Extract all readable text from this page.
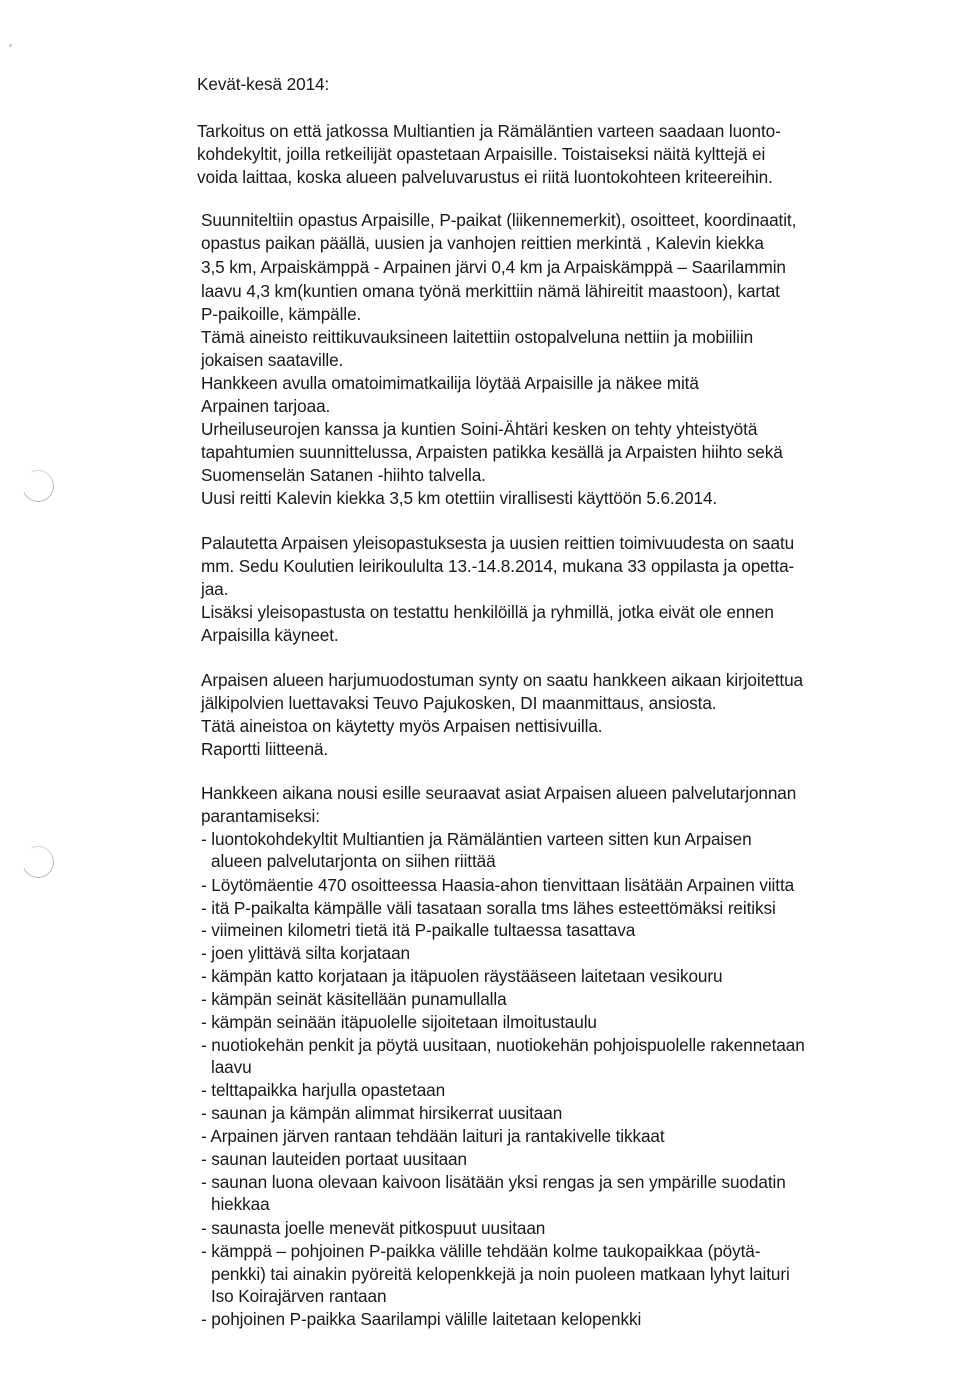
Kevät-kesä 2014:
Tarkoitus on että jatkossa Multiantien ja Rämäläntien varteen saadaan luonto-
kohdekyltit, joilla retkeilijät opastetaan Arpaisille. Toistaiseksi näitä kylttejä ei
voida laittaa, koska alueen palveluvarustus ei riitä luontokohteen kriteereihin.
Suunniteltiin opastus Arpaisille, P-paikat (liikennemerkit), osoitteet, koordinaatit,
opastus paikan päällä, uusien ja vanhojen reittien merkintä , Kalevin kiekka
3,5 km, Arpaiskämppä - Arpainen järvi 0,4 km ja Arpaiskämppä – Saarilammin
laavu 4,3 km(kuntien omana työnä merkittiin nämä lähireitit maastoon), kartat
P-paikoille, kämpälle.
Tämä aineisto reittikuvauksineen laitettiin ostopalveluna nettiin ja mobiiliin
jokaisen saataville.
Hankkeen avulla omatoimimatkailija löytää Arpaisille ja näkee mitä
Arpainen tarjoaa.
Urheiluseurojen kanssa ja kuntien Soini-Ähtäri kesken on tehty yhteistyötä
tapahtumien suunnittelussa, Arpaisten patikka kesällä ja Arpaisten hiihto sekä
Suomenselän Satanen -hiihto talvella.
Uusi reitti Kalevin kiekka 3,5 km otettiin virallisesti käyttöön 5.6.2014.
Palautetta Arpaisen yleisopastuksesta ja uusien reittien toimivuudesta on saatu
mm. Sedu Koulutien leirikoululta 13.-14.8.2014, mukana 33 oppilasta ja opetta-
jaa.
Lisäksi yleisopastusta on testattu henkilöillä ja ryhmillä, jotka eivät ole ennen
Arpaisilla käyneet.
Arpaisen alueen harjumuodostuman synty on saatu hankkeen aikaan kirjoitettua
jälkipolvien luettavaksi Teuvo Pajukosken, DI maanmittaus, ansiosta.
Tätä aineistoa on käytetty myös Arpaisen nettisivuilla.
Raportti liitteenä.
Hankkeen aikana nousi esille seuraavat asiat Arpaisen alueen palvelutarjonnan
parantamiseksi:
- luontokohdekyltit Multiantien ja Rämäläntien varteen sitten kun Arpaisen
alueen palvelutarjonta on siihen riittää
- Löytömäentie 470 osoitteessa Haasia-ahon tienvittaan lisätään Arpainen viitta
- itä P-paikalta kämpälle väli tasataan soralla tms lähes esteettömäksi reitiksi
- viimeinen kilometri tietä itä P-paikalle tultaessa tasattava
- joen ylittävä silta korjataan
- kämpän katto korjataan ja itäpuolen räystääseen laitetaan vesikouru
- kämpän seinät käsitellään punamullalla
- kämpän seinään itäpuolelle sijoitetaan ilmoitustaulu
- nuotiokehän penkit ja pöytä uusitaan, nuotiokehän pohjoispuolelle rakennetaan
laavu
- telttapaikka harjulla opastetaan
- saunan ja kämpän alimmat hirsikerrat uusitaan
- Arpainen järven rantaan tehdään laituri ja rantakivelle tikkaat
- saunan lauteiden portaat uusitaan
- saunan luona olevaan kaivoon lisätään yksi rengas ja sen ympärille suodatin
hiekkaa
- saunasta joelle menevät pitkospuut uusitaan
- kämppä – pohjoinen P-paikka välille tehdään kolme taukopaikkaa (pöytä-
penkki) tai ainakin pyöreitä kelopenkkejä ja noin puoleen matkaan lyhyt laituri
Iso Koirajärven rantaan
- pohjoinen P-paikka Saarilampi välille laitetaan kelopenkki
